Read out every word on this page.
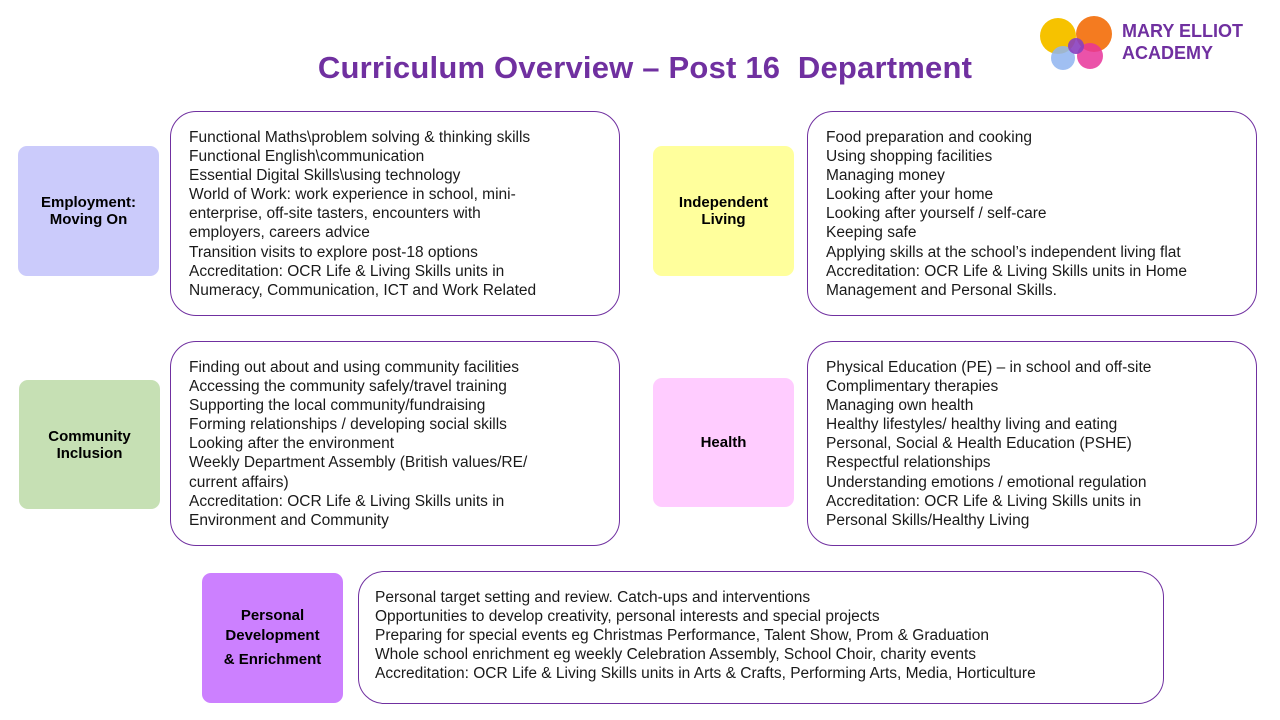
Curriculum Overview – Post 16  Department
MARY ELLIOT
ACADEMY
Employment:
Moving On
Functional Maths\problem solving & thinking skills
Functional English\communication
Essential Digital Skills\using technology
World of Work: work experience in school, mini-
enterprise, off-site tasters, encounters with
employers, careers advice
Transition visits to explore post-18 options
Accreditation: OCR Life & Living Skills units in
Numeracy, Communication, ICT and Work Related
Independent
Living
Food preparation and cooking
Using shopping facilities
Managing money
Looking after your home
Looking after yourself / self-care
Keeping safe
Applying skills at the school’s independent living flat
Accreditation: OCR Life & Living Skills units in Home
Management and Personal Skills.
Community
Inclusion
Finding out about and using community facilities
Accessing the community safely/travel training
Supporting the local community/fundraising
Forming relationships / developing social skills
Looking after the environment
Weekly Department Assembly (British values/RE/
current affairs)
Accreditation: OCR Life & Living Skills units in
Environment and Community
Health
Physical Education (PE) – in school and off-site
Complimentary therapies
Managing own health
Healthy lifestyles/ healthy living and eating
Personal, Social & Health Education (PSHE)
Respectful relationships
Understanding emotions / emotional regulation
Accreditation: OCR Life & Living Skills units in
Personal Skills/Healthy Living
Personal
Development
& Enrichment
Personal target setting and review. Catch-ups and interventions
Opportunities to develop creativity, personal interests and special projects
Preparing for special events eg Christmas Performance, Talent Show, Prom & Graduation
Whole school enrichment eg weekly Celebration Assembly, School Choir, charity events
Accreditation: OCR Life & Living Skills units in Arts & Crafts, Performing Arts, Media, Horticulture
